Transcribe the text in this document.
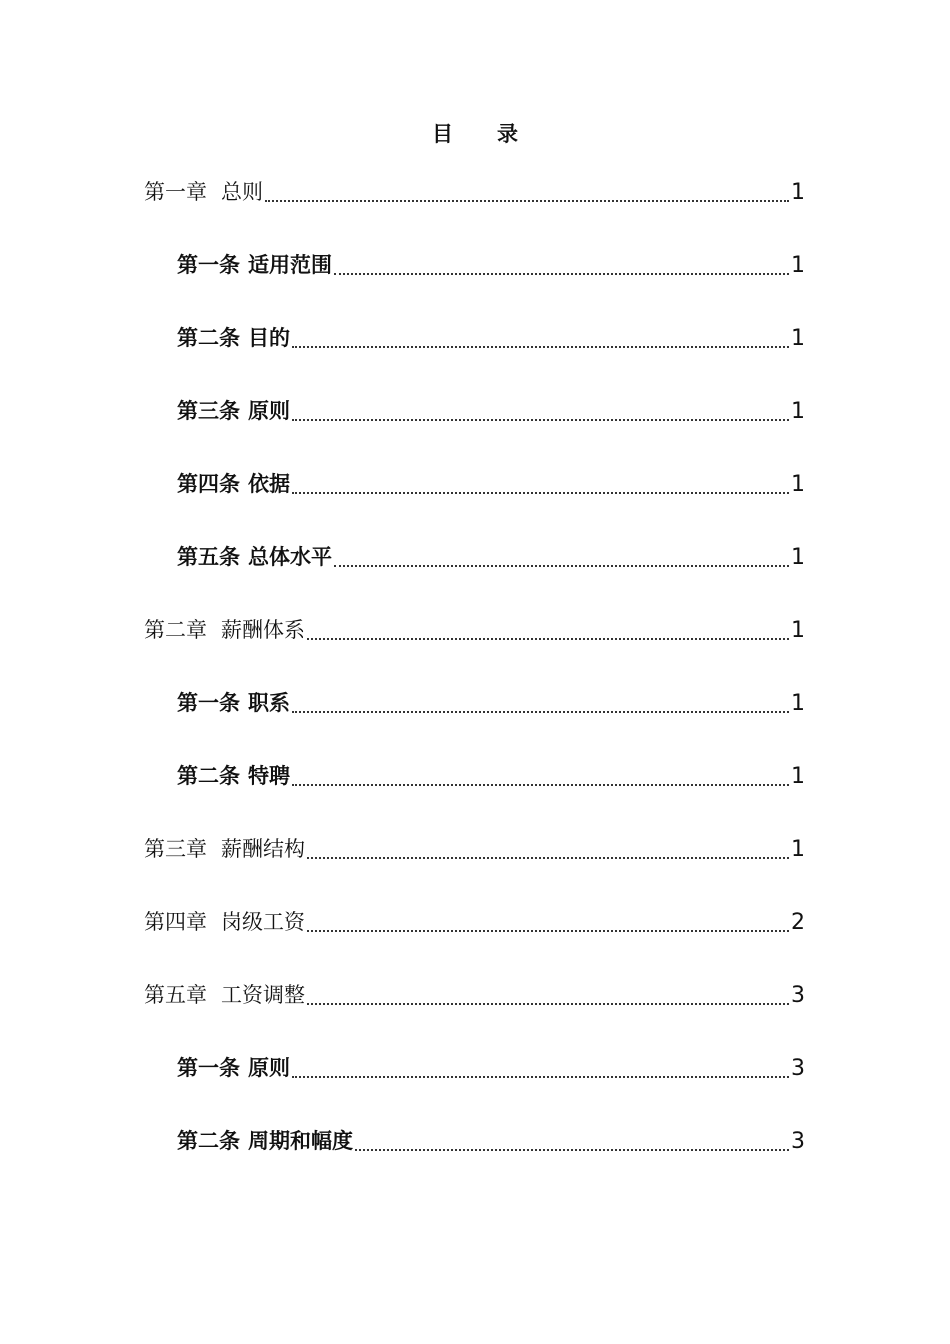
目 录
第一章 总则	1
第一条 适用范围	1
第二条 目的	1
第三条 原则	1
第四条 依据	1
第五条 总体水平	1
第二章 薪酬体系	1
第一条 职系	1
第二条 特聘	1
第三章 薪酬结构	1
第四章 岗级工资	2
第五章 工资调整	3
第一条 原则	3
第二条 周期和幅度	3
